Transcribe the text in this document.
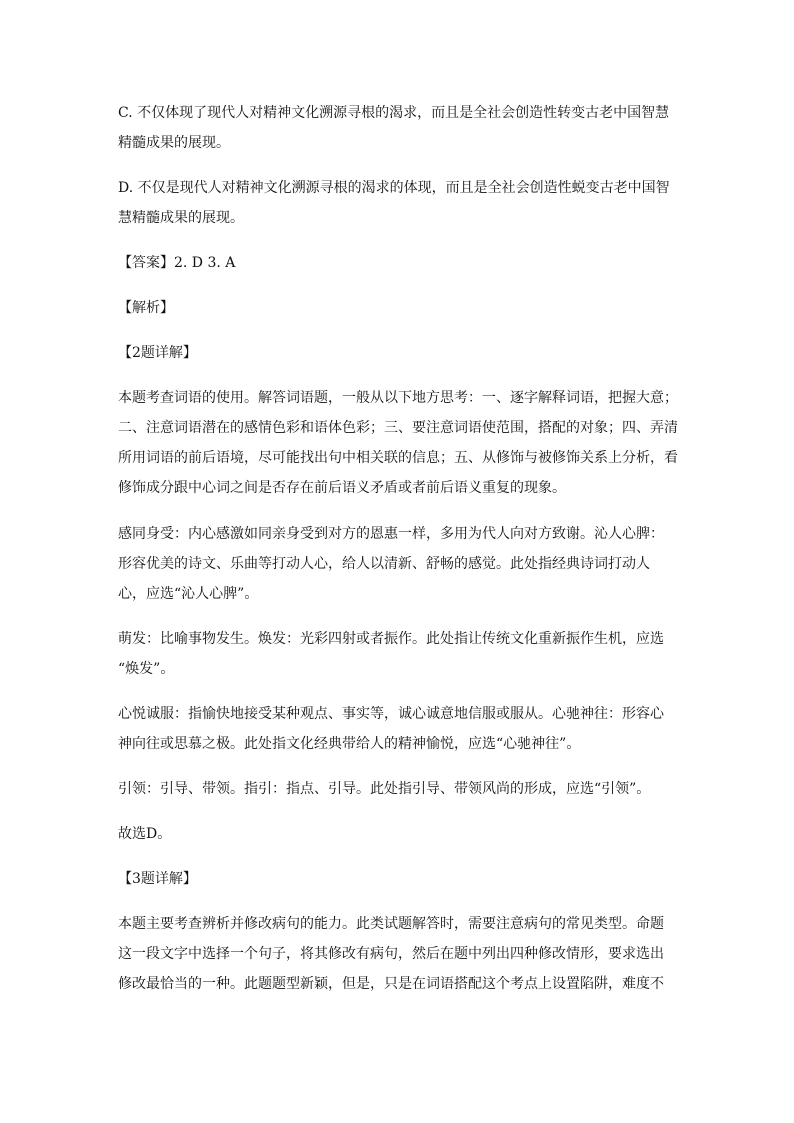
C. 不仅体现了现代人对精神文化溯源寻根的渴求，而且是全社会创造性转变古老中国智慧
精髓成果的展现。
D. 不仅是现代人对精神文化溯源寻根的渴求的体现，而且是全社会创造性蜕变古老中国智
慧精髓成果的展现。
【答案】2. D 3. A
【解析】
【2题详解】
本题考查词语的使用。解答词语题，一般从以下地方思考：一、逐字解释词语，把握大意；
二、注意词语潜在的感情色彩和语体色彩；三、要注意词语使范围，搭配的对象；四、弄清
所用词语的前后语境，尽可能找出句中相关联的信息；五、从修饰与被修饰关系上分析，看
修饰成分跟中心词之间是否存在前后语义矛盾或者前后语义重复的现象。
感同身受：内心感激如同亲身受到对方的恩惠一样，多用为代人向对方致谢。沁人心脾：
形容优美的诗文、乐曲等打动人心，给人以清新、舒畅的感觉。此处指经典诗词打动人
心，应选“沁人心脾”。
萌发：比喻事物发生。焕发：光彩四射或者振作。此处指让传统文化重新振作生机，应选
“焕发”。
心悦诚服：指愉快地接受某种观点、事实等，诚心诚意地信服或服从。心驰神往：形容心
神向往或思慕之极。此处指文化经典带给人的精神愉悦，应选“心驰神往”。
引领：引导、带领。指引：指点、引导。此处指引导、带领风尚的形成，应选“引领”。
故选D。
【3题详解】
本题主要考查辨析并修改病句的能力。此类试题解答时，需要注意病句的常见类型。命题
这一段文字中选择一个句子，将其修改有病句，然后在题中列出四种修改情形，要求选出
修改最恰当的一种。此题题型新颖，但是，只是在词语搭配这个考点上设置陷阱，难度不
